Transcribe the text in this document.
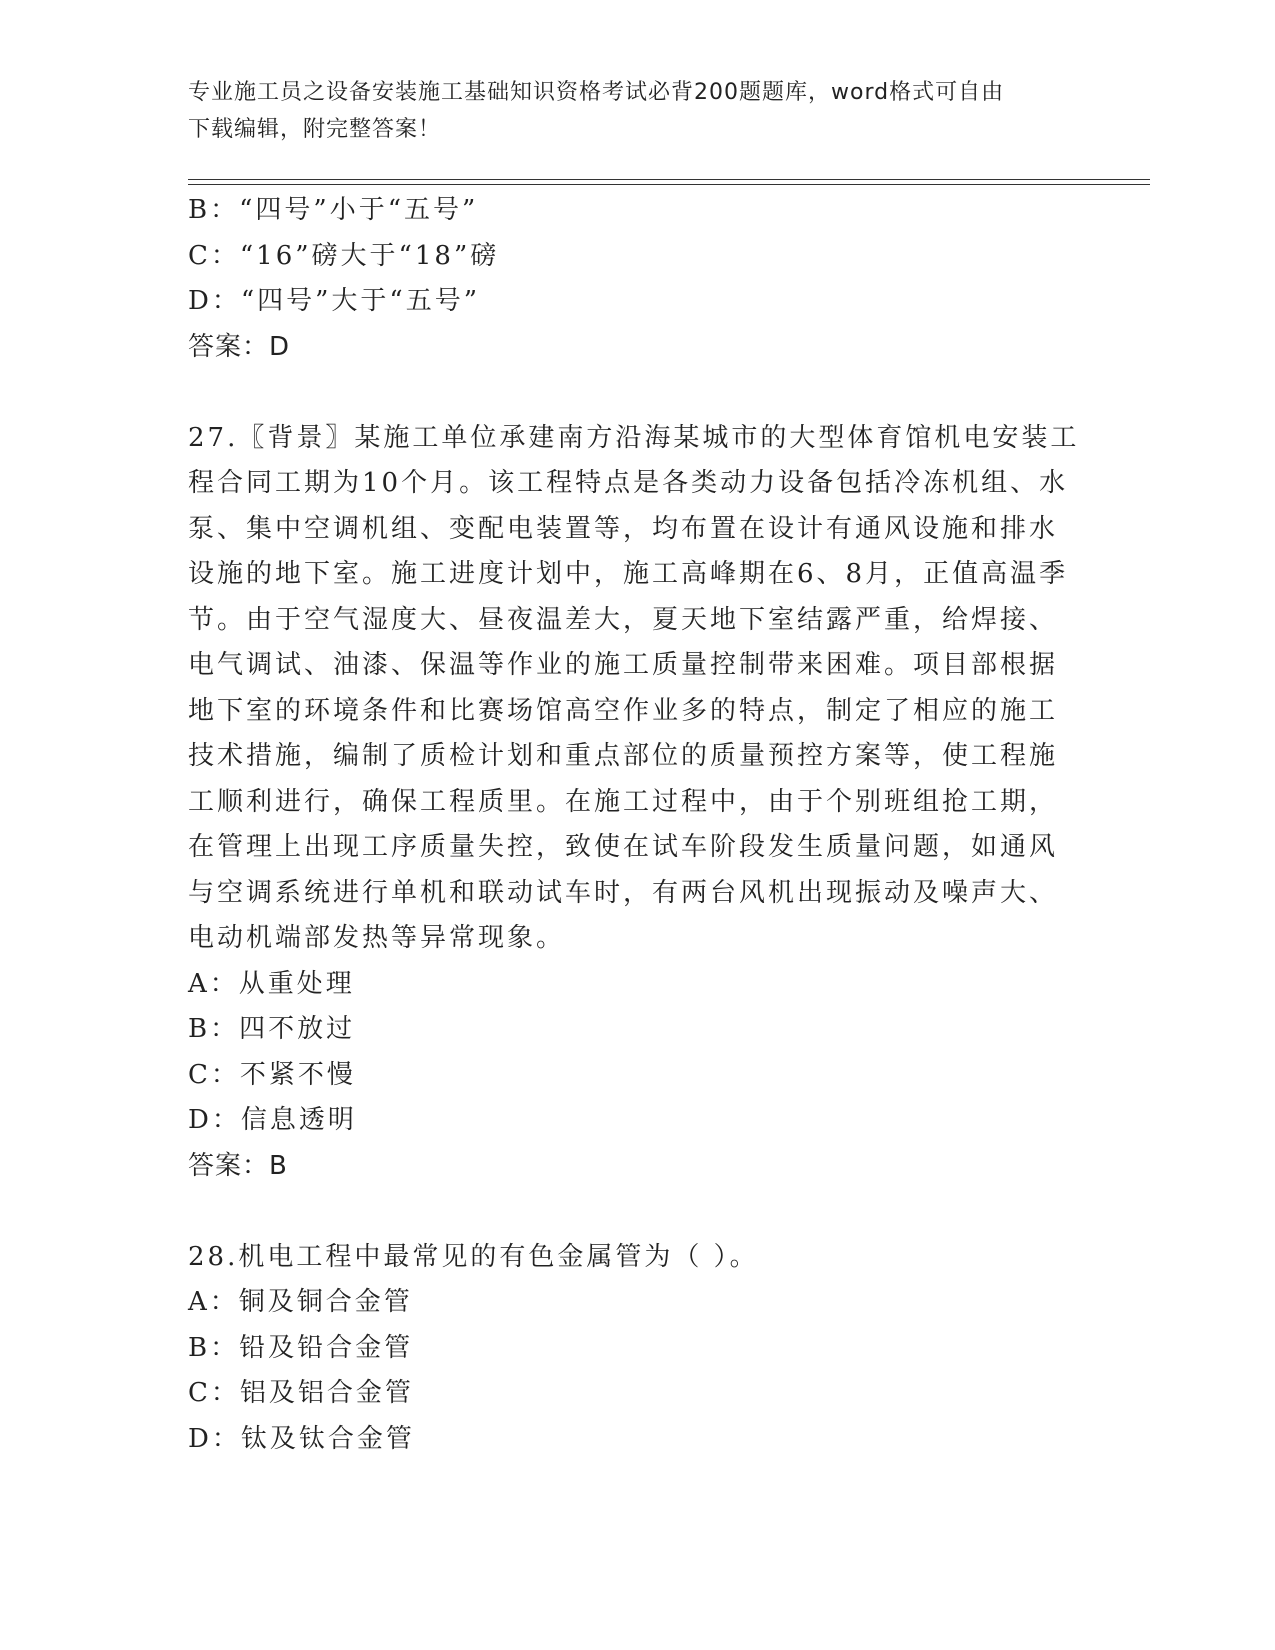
专业施工员之设备安装施工基础知识资格考试必背200题题库，word格式可自由
下载编辑，附完整答案！
B：“四号”小于“五号”
C：“16”磅大于“18”磅
D：“四号”大于“五号”
答案：D
27.〖背景〗某施工单位承建南方沿海某城市的大型体育馆机电安装工
程合同工期为10个月。该工程特点是各类动力设备包括冷冻机组、水
泵、集中空调机组、变配电装置等，均布置在设计有通风设施和排水
设施的地下室。施工进度计划中，施工高峰期在6、8月，正值高温季
节。由于空气湿度大、昼夜温差大，夏天地下室结露严重，给焊接、
电气调试、油漆、保温等作业的施工质量控制带来困难。项目部根据
地下室的环境条件和比赛场馆高空作业多的特点，制定了相应的施工
技术措施，编制了质检计划和重点部位的质量预控方案等，使工程施
工顺利进行，确保工程质里。在施工过程中，由于个别班组抢工期，
在管理上出现工序质量失控，致使在试车阶段发生质量问题，如通风
与空调系统进行单机和联动试车时，有两台风机出现振动及噪声大、
电动机端部发热等异常现象。
A：从重处理
B：四不放过
C：不紧不慢
D：信息透明
答案：B
28.机电工程中最常见的有色金属管为（ ）。
A：铜及铜合金管
B：铅及铅合金管
C：铝及铝合金管
D：钛及钛合金管
